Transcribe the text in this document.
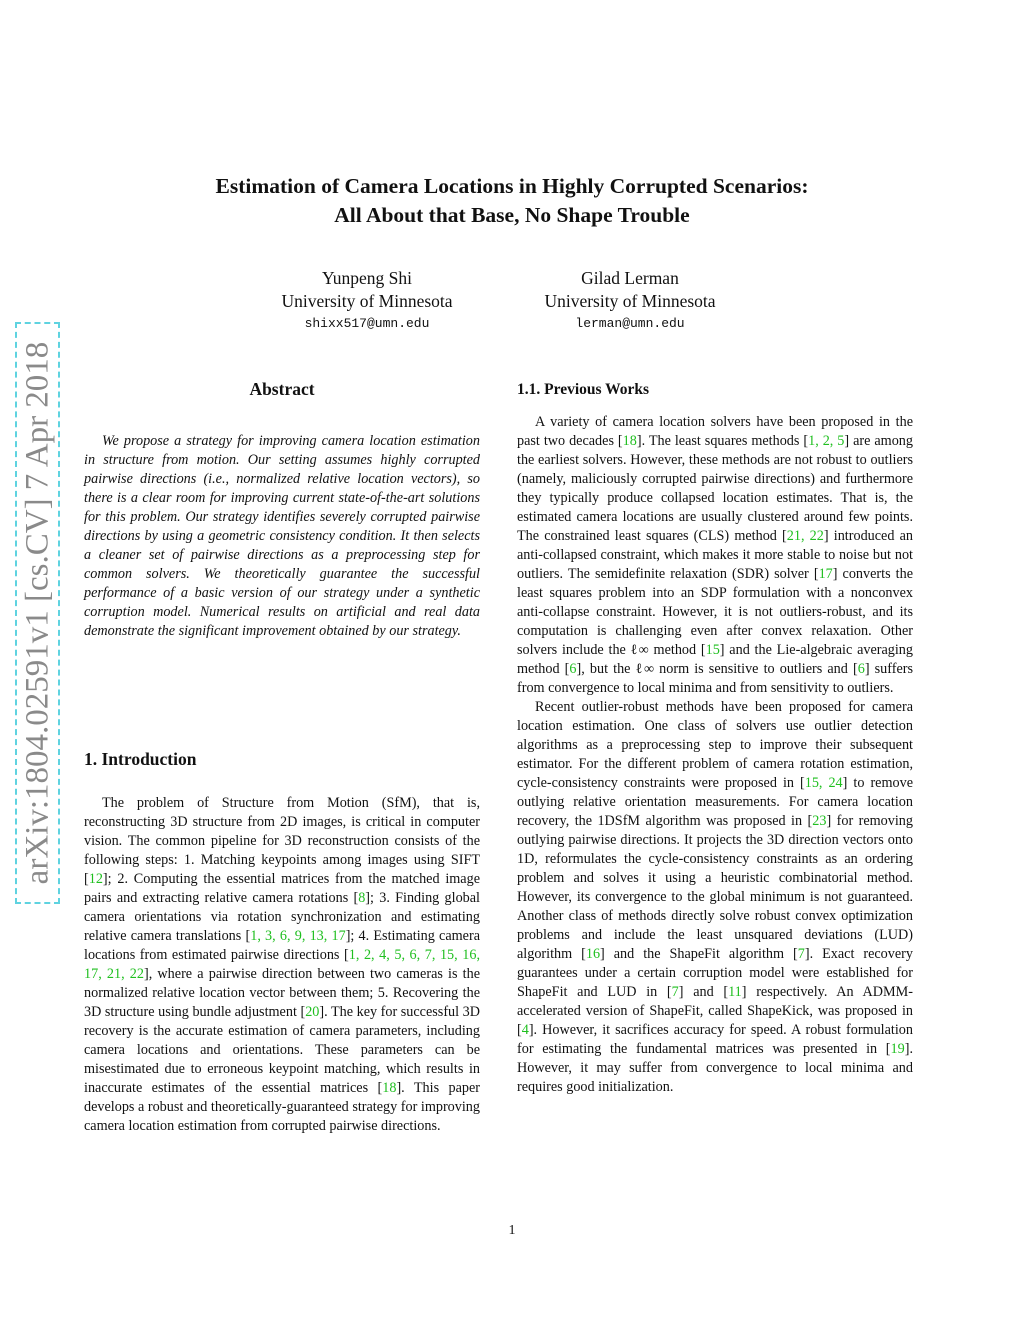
Estimation of Camera Locations in Highly Corrupted Scenarios:
All About that Base, No Shape Trouble
Yunpeng Shi
University of Minnesota
shixx517@umn.edu
Gilad Lerman
University of Minnesota
lerman@umn.edu
arXiv:1804.02591v1 [cs.CV] 7 Apr 2018	Abstract

We propose a strategy for improving camera location estimation in structure from motion. Our setting assumes highly corrupted pairwise directions (i.e., normalized relative location vectors), so there is a clear room for improving current state-of-the-art solutions for this problem. Our strategy identifies severely corrupted pairwise directions by using a geometric consistency condition. It then selects a cleaner set of pairwise directions as a preprocessing step for common solvers. We theoretically guarantee the successful performance of a basic version of our strategy under a synthetic corruption model. Numerical results on artificial and real data demonstrate the significant improvement obtained by our strategy.

1. Introduction

The problem of Structure from Motion (SfM), that is, reconstructing 3D structure from 2D images, is critical in computer vision. The common pipeline for 3D reconstruction consists of the following steps: 1. Matching keypoints among images using SIFT [12]; 2. Computing the essential matrices from the matched image pairs and extracting relative camera rotations [8]; 3. Finding global camera orientations via rotation synchronization and estimating relative camera translations [1, 3, 6, 9, 13, 17]; 4. Estimating camera locations from estimated pairwise directions [1, 2, 4, 5, 6, 7, 15, 16, 17, 21, 22], where a pairwise direction between two cameras is the normalized relative location vector between them; 5. Recovering the 3D structure using bundle adjustment [20]. The key for successful 3D recovery is the accurate estimation of camera parameters, including camera locations and orientations. These parameters can be misestimated due to erroneous keypoint matching, which results in inaccurate estimates of the essential matrices [18]. This paper develops a robust and theoretically-guaranteed strategy for improving camera location estimation from corrupted pairwise directions.

1.1. Previous Works

A variety of camera location solvers have been proposed in the past two decades [18]. The least squares methods [1, 2, 5] are among the earliest solvers. However, these methods are not robust to outliers (namely, maliciously corrupted pairwise directions) and furthermore they typically produce collapsed location estimates. That is, the estimated camera locations are usually clustered around few points. The constrained least squares (CLS) method [21, 22] introduced an anti-collapsed constraint, which makes it more stable to noise but not outliers. The semidefinite relaxation (SDR) solver [17] converts the least squares problem into an SDP formulation with a nonconvex anti-collapse constraint. However, it is not outliers-robust, and its computation is challenging even after convex relaxation. Other solvers include the ℓ∞ method [15] and the Lie-algebraic averaging method [6], but the ℓ∞ norm is sensitive to outliers and [6] suffers from convergence to local minima and from sensitivity to outliers.

Recent outlier-robust methods have been proposed for camera location estimation. One class of solvers use outlier detection algorithms as a preprocessing step to improve their subsequent estimator. For the different problem of camera rotation estimation, cycle-consistency constraints were proposed in [15, 24] to remove outlying relative orientation measurements. For camera location recovery, the 1DSfM algorithm was proposed in [23] for removing outlying pairwise directions. It projects the 3D direction vectors onto 1D, reformulates the cycle-consistency constraints as an ordering problem and solves it using a heuristic combinatorial method. However, its convergence to the global minimum is not guaranteed. Another class of methods directly solve robust convex optimization problems and include the least unsquared deviations (LUD) algorithm [16] and the ShapeFit algorithm [7]. Exact recovery guarantees under a certain corruption model were established for ShapeFit and LUD in [7] and [11] respectively. An ADMM-accelerated version of ShapeFit, called ShapeKick, was proposed in [4]. However, it sacrifices accuracy for speed. A robust formulation for estimating the fundamental matrices was presented in [19]. However, it may suffer from convergence to local minima and requires good initialization.

1
